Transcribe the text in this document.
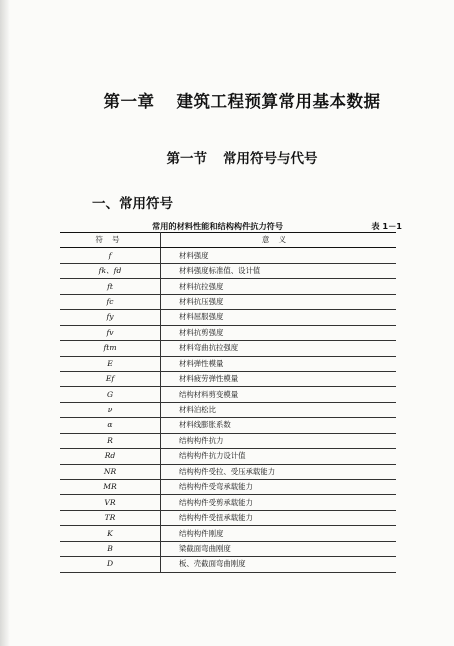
第一章 建筑工程预算常用基本数据
第一节 常用符号与代号
一、常用符号
常用的材料性能和结构构件抗力符号	表 1－1
符号	意义
f	材料强度
fk、fd	材料强度标准值、设计值
ft	材料抗拉强度
fc	材料抗压强度
fy	材料屈服强度
fv	材料抗剪强度
ftm	材料弯曲抗拉强度
E	材料弹性模量
Ef	材料疲劳弹性模量
G	结构材料剪变模量
ν	材料泊松比
α	材料线膨胀系数
R	结构构件抗力
Rd	结构构件抗力设计值
NR	结构构件受拉、受压承载能力
MR	结构构件受弯承载能力
VR	结构构件受剪承载能力
TR	结构构件受扭承载能力
K	结构构件刚度
B	梁截面弯曲刚度
D	板、壳截面弯曲刚度
